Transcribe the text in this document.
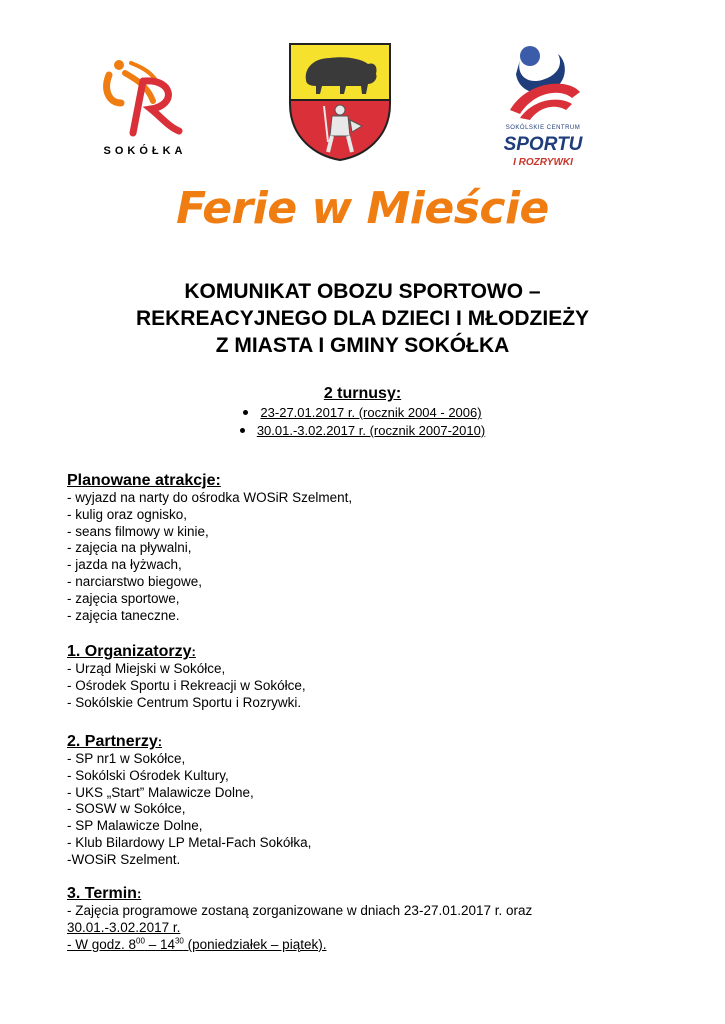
SOKÓŁKA
SOKÓLSKIE CENTRUM
SPORTU
I ROZRYWKI
Ferie w Mieście
KOMUNIKAT OBOZU SPORTOWO –
REKREACYJNEGO DLA DZIECI I MŁODZIEŻY
Z MIASTA I GMINY SOKÓŁKA
2 turnusy:
23-27.01.2017 r. (rocznik 2004 - 2006)
30.01.-3.02.2017 r. (rocznik 2007-2010)
Planowane atrakcje:
- wyjazd na narty do ośrodka WOSiR Szelment,
- kulig oraz ognisko,
- seans filmowy w kinie,
- zajęcia na pływalni,
- jazda na łyżwach,
- narciarstwo biegowe,
- zajęcia sportowe,
- zajęcia taneczne.
1. Organizatorzy:
- Urząd Miejski w Sokółce,
- Ośrodek Sportu i Rekreacji w Sokółce,
- Sokólskie Centrum Sportu i Rozrywki.
2. Partnerzy:
- SP nr1 w Sokółce,
- Sokólski Ośrodek Kultury,
- UKS „Start” Malawicze Dolne,
- SOSW w Sokółce,
- SP Malawicze Dolne,
- Klub Bilardowy LP Metal-Fach Sokółka,
-WOSiR Szelment.
3. Termin:
- Zajęcia programowe zostaną zorganizowane w dniach 23-27.01.2017 r. oraz
30.01.-3.02.2017 r.
- W godz. $8^{00} - 14^{30}$ (poniedziałek – piątek).
